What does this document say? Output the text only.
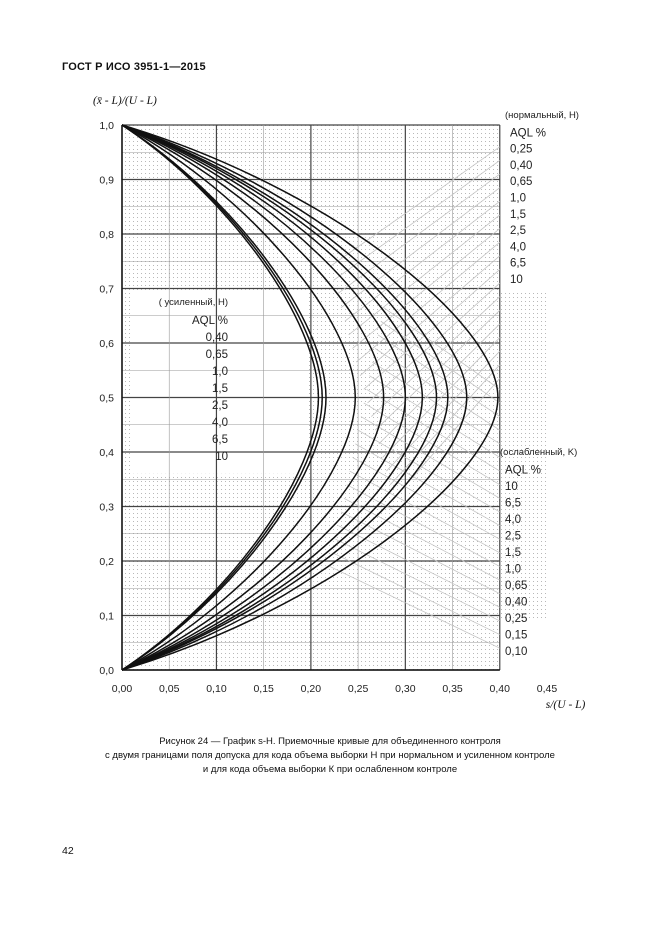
ГОСТ Р ИСО 3951-1—2015
(нормальный, H)
AQL %
0,25
0,40
0,65
1,0
1,5
2,5
4,0
6,5
10
( усиленный, H)
AQL %
0,40
0,65
1,0
1,5
2,5
4,0
6,5
10	(ослабленный, K)
AQL %
10
6,5
4,0
2,5
1,5
1,0
0,65
0,40
0,25
0,15
0,10
0,00	0,05	0,10	0,15	0,20	0,25	0,30	0,35	0,40	0,45
0,0
0,1
0,2
0,3
0,4
0,5
0,6
0,7
0,8
0,9
1,0
(x̄ - L)/(U - L)
s/(U - L)
Рисунок 24 — График s-H. Приемочные кривые для объединенного контроля
с двумя границами поля допуска для кода объема выборки Н при нормальном и усиленном контроле
и для кода объема выборки К при ослабленном контроле
42
